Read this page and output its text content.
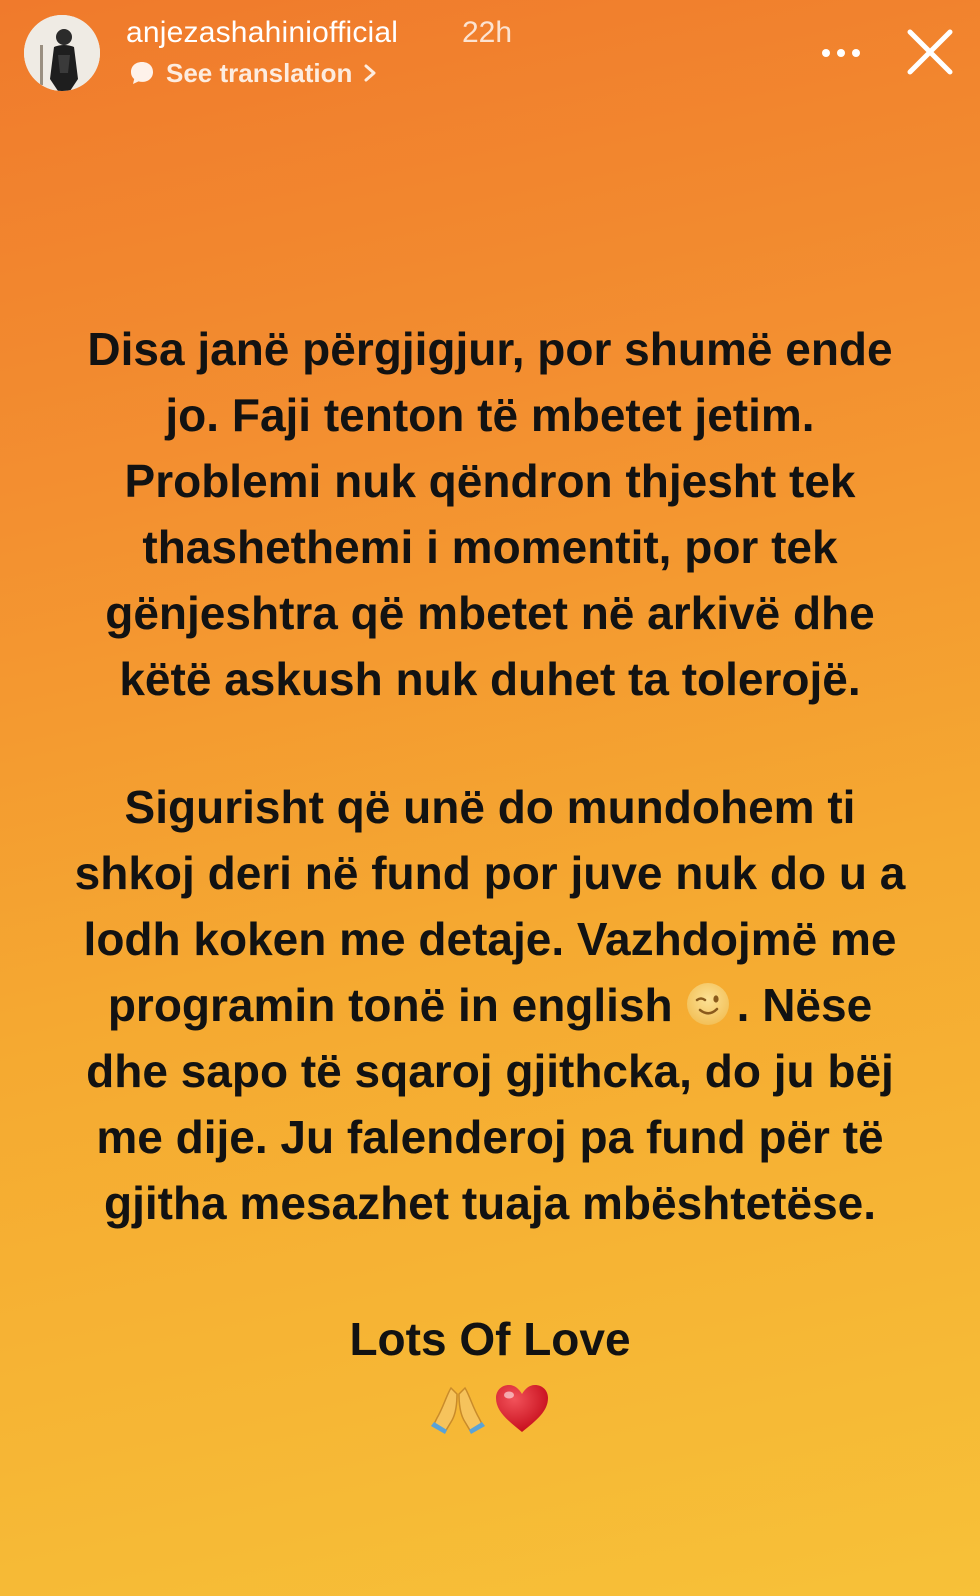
anjezashahiniofficial 22h
See translation
Disa janë përgjigjur, por shumë ende
jo. Faji tenton të mbetet jetim.
Problemi nuk qëndron thjesht tek
thashethemi i momentit, por tek
gënjeshtra që mbetet në arkivë dhe
këtë askush nuk duhet ta tolerojë.
Sigurisht që unë do mundohem ti
shkoj deri në fund por juve nuk do u a
lodh koken me detaje. Vazhdojmë me
programin tonë in english . Nëse
dhe sapo të sqaroj gjithcka, do ju bëj
me dije. Ju falenderoj pa fund për të
gjitha mesazhet tuaja mbështetëse.
Lots Of Love
